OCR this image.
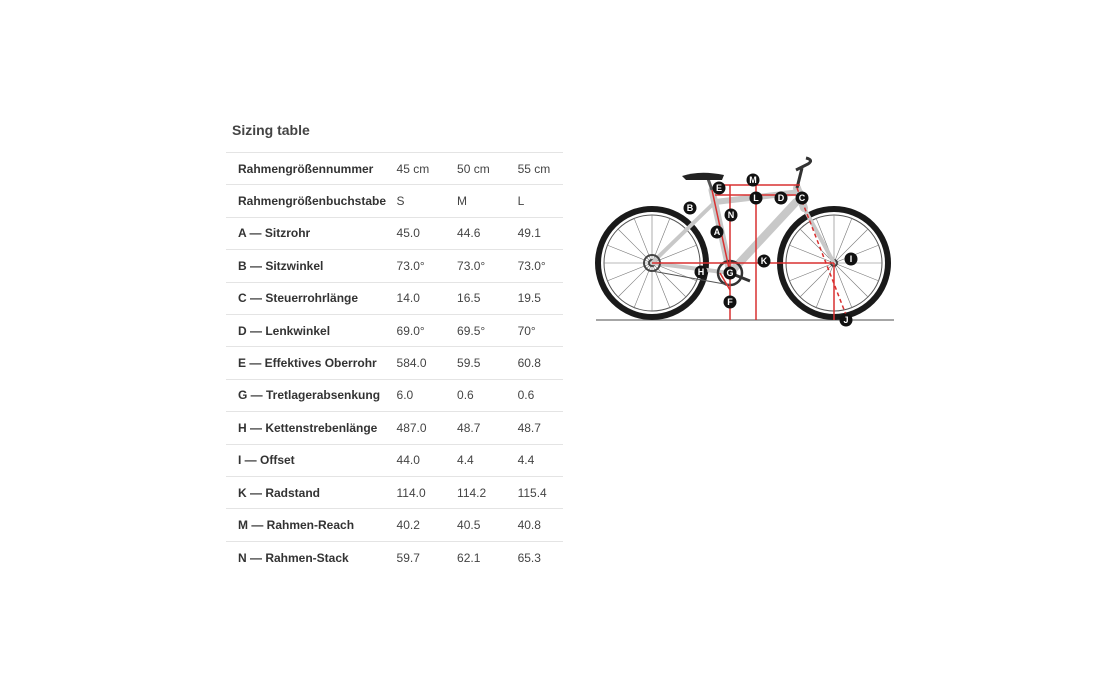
Sizing table
Rahmengrößennummer	45 cm	50 cm	55 cm
Rahmengrößenbuchstabe	S	M	L
A — Sitzrohr	45.0	44.6	49.1
B — Sitzwinkel	73.0°	73.0°	73.0°
C — Steuerrohrlänge	14.0	16.5	19.5
D — Lenkwinkel	69.0°	69.5°	70°
E — Effektives Oberrohr	584.0	59.5	60.8
G — Tretlagerabsenkung	6.0	0.6	0.6
H — Kettenstrebenlänge	487.0	48.7	48.7
I — Offset	44.0	4.4	4.4
K — Radstand	114.0	114.2	115.4
M — Rahmen-Reach	40.2	40.5	40.8
N — Rahmen-Stack	59.7	62.1	65.3
A
B
C
D
E
F
G
H
I
J
K
L
M
N
